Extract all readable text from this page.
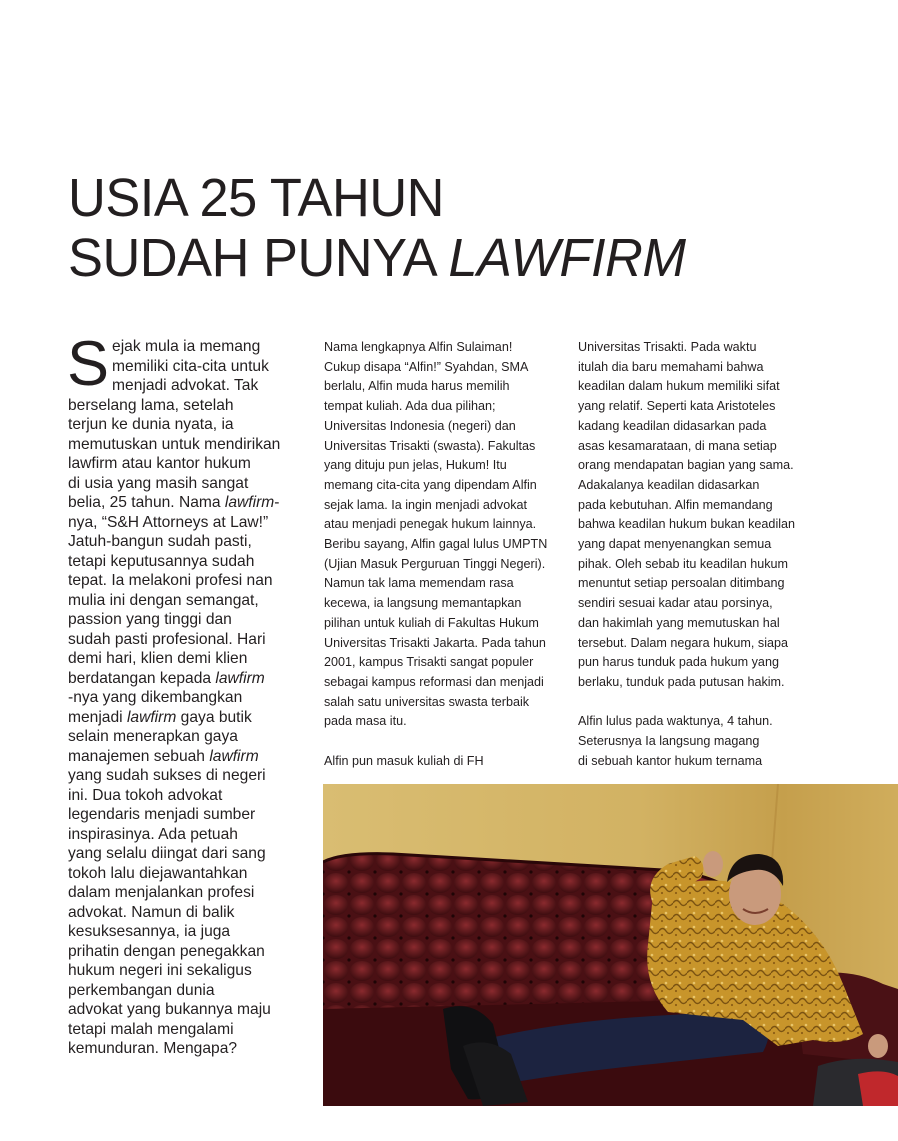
USIA 25 TAHUN
SUDAH PUNYA LAWFIRM
S ejak mula ia memang
memiliki cita-cita untuk
menjadi advokat. Tak
berselang lama, setelah
terjun ke dunia nyata, ia
memutuskan untuk mendirikan
lawfirm atau kantor hukum
di usia yang masih sangat
belia, 25 tahun. Nama lawfirm-
nya, “S&H Attorneys at Law!”
Jatuh-bangun sudah pasti,
tetapi keputusannya sudah
tepat. Ia melakoni profesi nan
mulia ini dengan semangat,
passion yang tinggi dan
sudah pasti profesional. Hari
demi hari, klien demi klien
berdatangan kepada lawfirm
-nya yang dikembangkan
menjadi lawfirm gaya butik
selain menerapkan gaya
manajemen sebuah lawfirm
yang sudah sukses di negeri
ini. Dua tokoh advokat
legendaris menjadi sumber
inspirasinya. Ada petuah
yang selalu diingat dari sang
tokoh lalu diejawantahkan
dalam menjalankan profesi
advokat. Namun di balik
kesuksesannya, ia juga
prihatin dengan penegakkan
hukum negeri ini sekaligus
perkembangan dunia
advokat yang bukannya maju
tetapi malah mengalami
kemunduran. Mengapa?

Nama lengkapnya Alfin Sulaiman!
Cukup disapa “Alfin!” Syahdan, SMA
berlalu, Alfin muda harus memilih
tempat kuliah. Ada dua pilihan;
Universitas Indonesia (negeri) dan
Universitas Trisakti (swasta). Fakultas
yang dituju pun jelas, Hukum! Itu
memang cita-cita yang dipendam Alfin
sejak lama. Ia ingin menjadi advokat
atau menjadi penegak hukum lainnya.
Beribu sayang, Alfin gagal lulus UMPTN
(Ujian Masuk Perguruan Tinggi Negeri).
Namun tak lama memendam rasa
kecewa, ia langsung memantapkan
pilihan untuk kuliah di Fakultas Hukum
Universitas Trisakti Jakarta. Pada tahun
2001, kampus Trisakti sangat populer
sebagai kampus reformasi dan menjadi
salah satu universitas swasta terbaik
pada masa itu.

Alfin pun masuk kuliah di FH

Universitas Trisakti. Pada waktu
itulah dia baru memahami bahwa
keadilan dalam hukum memiliki sifat
yang relatif. Seperti kata Aristoteles
kadang keadilan didasarkan pada
asas kesamarataan, di mana setiap
orang mendapatan bagian yang sama.
Adakalanya keadilan didasarkan
pada kebutuhan. Alfin memandang
bahwa keadilan hukum bukan keadilan
yang dapat menyenangkan semua
pihak. Oleh sebab itu keadilan hukum
menuntut setiap persoalan ditimbang
sendiri sesuai kadar atau porsinya,
dan hakimlah yang memutuskan hal
tersebut. Dalam negara hukum, siapa
pun harus tunduk pada hukum yang
berlaku, tunduk pada putusan hakim.

Alfin lulus pada waktunya, 4 tahun.
Seterusnya Ia langsung magang
di sebuah kantor hukum ternama
